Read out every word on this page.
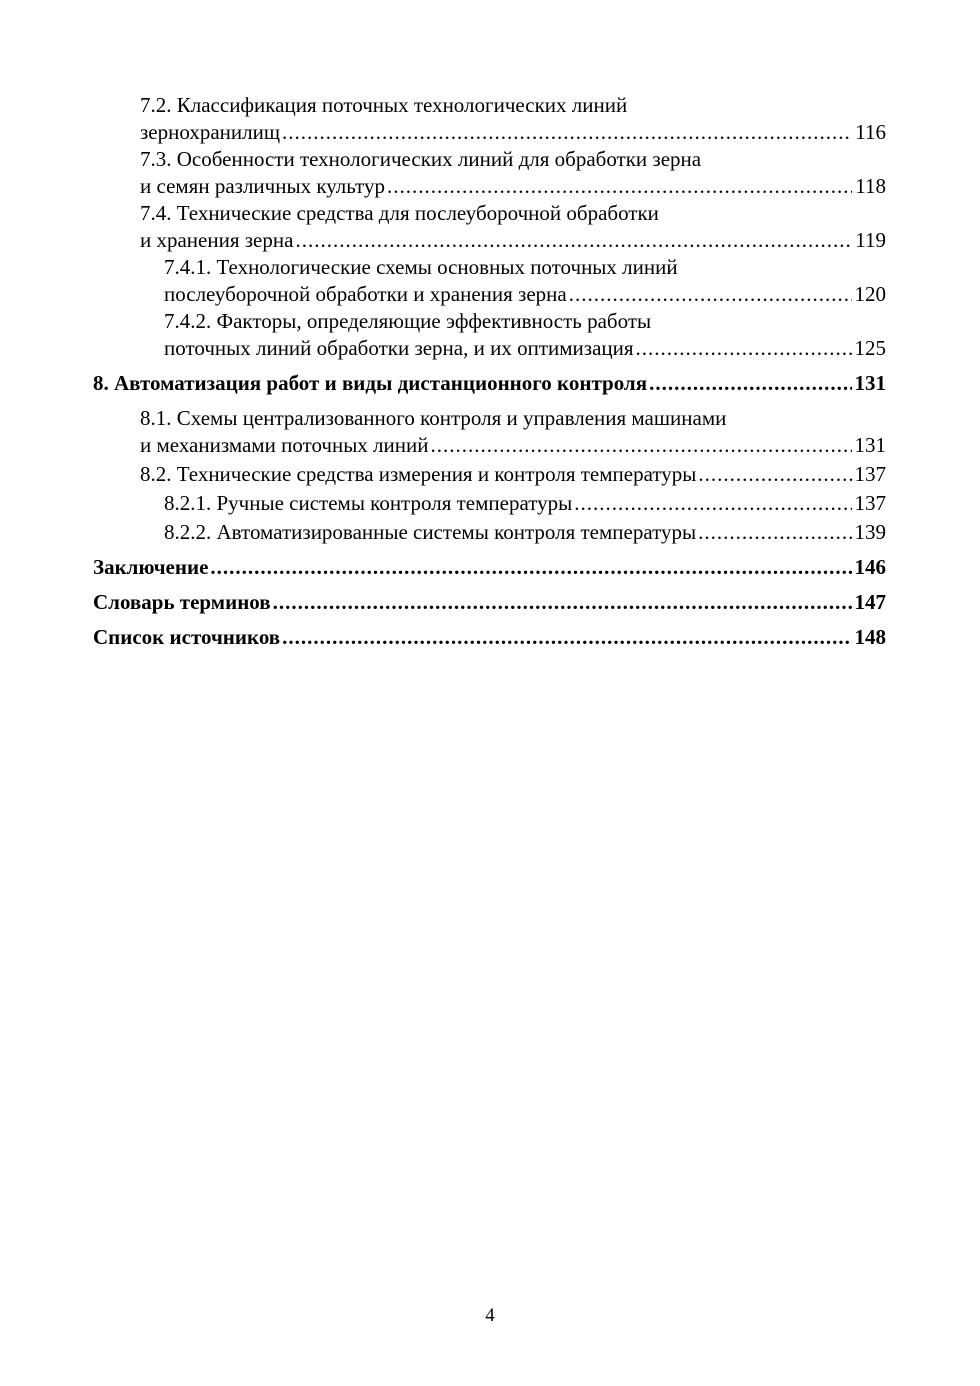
7.2. Классификация поточных технологических линий
зернохранилищ .....	116
7.3. Особенности технологических линий для обработки зерна
и семян различных культур .....	118
7.4. Технические средства для послеуборочной обработки
и хранения зерна .....	119
7.4.1. Технологические схемы основных поточных линий
послеуборочной обработки и хранения зерна .....	120
7.4.2. Факторы, определяющие эффективность работы
поточных линий обработки зерна, и их оптимизация .....	125
8. Автоматизация работ и виды дистанционного контроля .....	131
8.1. Схемы централизованного контроля и управления машинами
и механизмами поточных линий .....	131
8.2. Технические средства измерения и контроля температуры .....	137
8.2.1. Ручные системы контроля температуры .....	137
8.2.2. Автоматизированные системы контроля температуры .....	139
Заключение .....	146
Словарь терминов .....	147
Список источников .....	148
4
